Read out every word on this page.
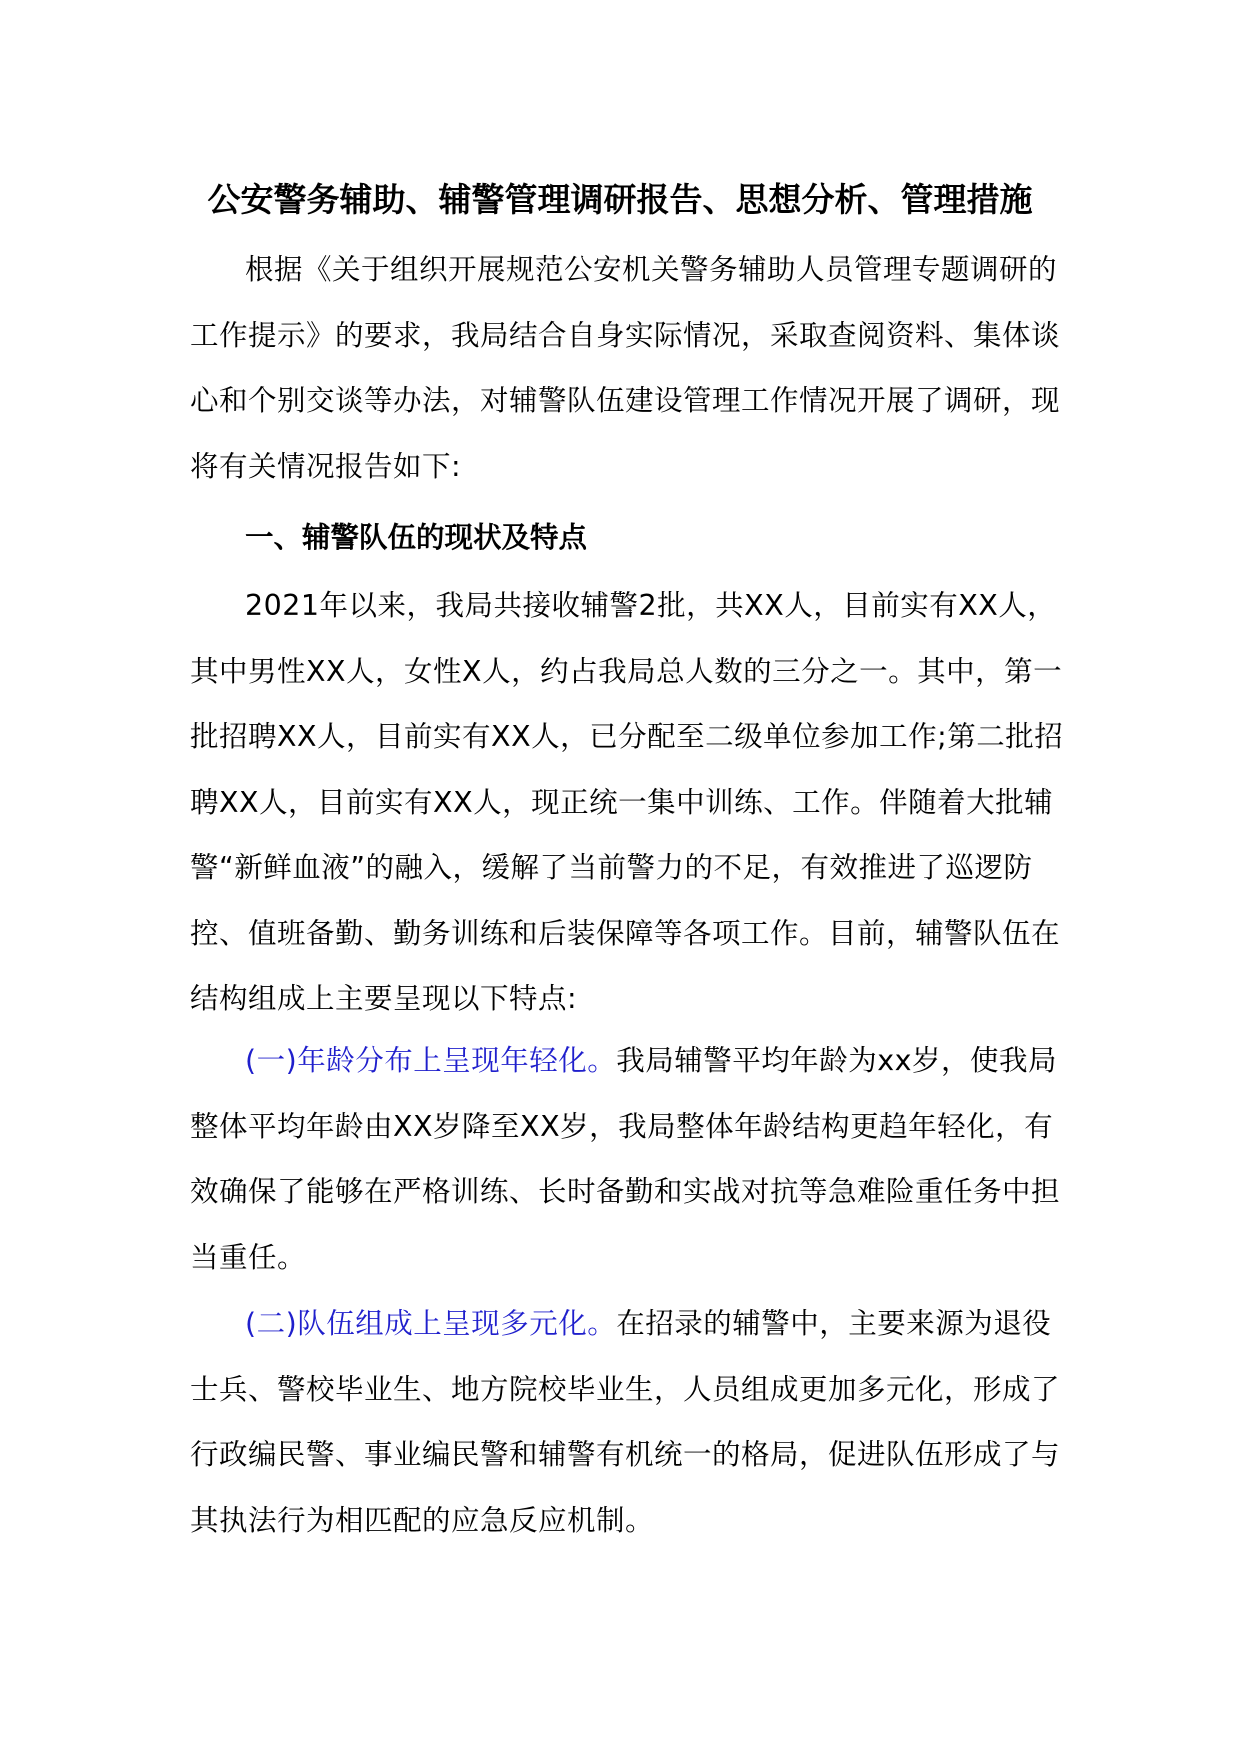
公安警务辅助、辅警管理调研报告、思想分析、管理措施

根据《关于组织开展规范公安机关警务辅助人员管理专题调研的工作提示》的要求，我局结合自身实际情况，采取查阅资料、集体谈心和个别交谈等办法，对辅警队伍建设管理工作情况开展了调研，现将有关情况报告如下:

一、辅警队伍的现状及特点

2021年以来，我局共接收辅警2批，共XX人，目前实有XX人，其中男性XX人，女性X人，约占我局总人数的三分之一。其中，第一批招聘XX人，目前实有XX人，已分配至二级单位参加工作;第二批招聘XX人，目前实有XX人，现正统一集中训练、工作。伴随着大批辅警“新鲜血液”的融入，缓解了当前警力的不足，有效推进了巡逻防控、值班备勤、勤务训练和后装保障等各项工作。目前，辅警队伍在结构组成上主要呈现以下特点:

(一)年龄分布上呈现年轻化。我局辅警平均年龄为xx岁，使我局整体平均年龄由XX岁降至XX岁，我局整体年龄结构更趋年轻化，有效确保了能够在严格训练、长时备勤和实战对抗等急难险重任务中担当重任。

(二)队伍组成上呈现多元化。在招录的辅警中，主要来源为退役士兵、警校毕业生、地方院校毕业生，人员组成更加多元化，形成了行政编民警、事业编民警和辅警有机统一的格局，促进队伍形成了与其执法行为相匹配的应急反应机制。
